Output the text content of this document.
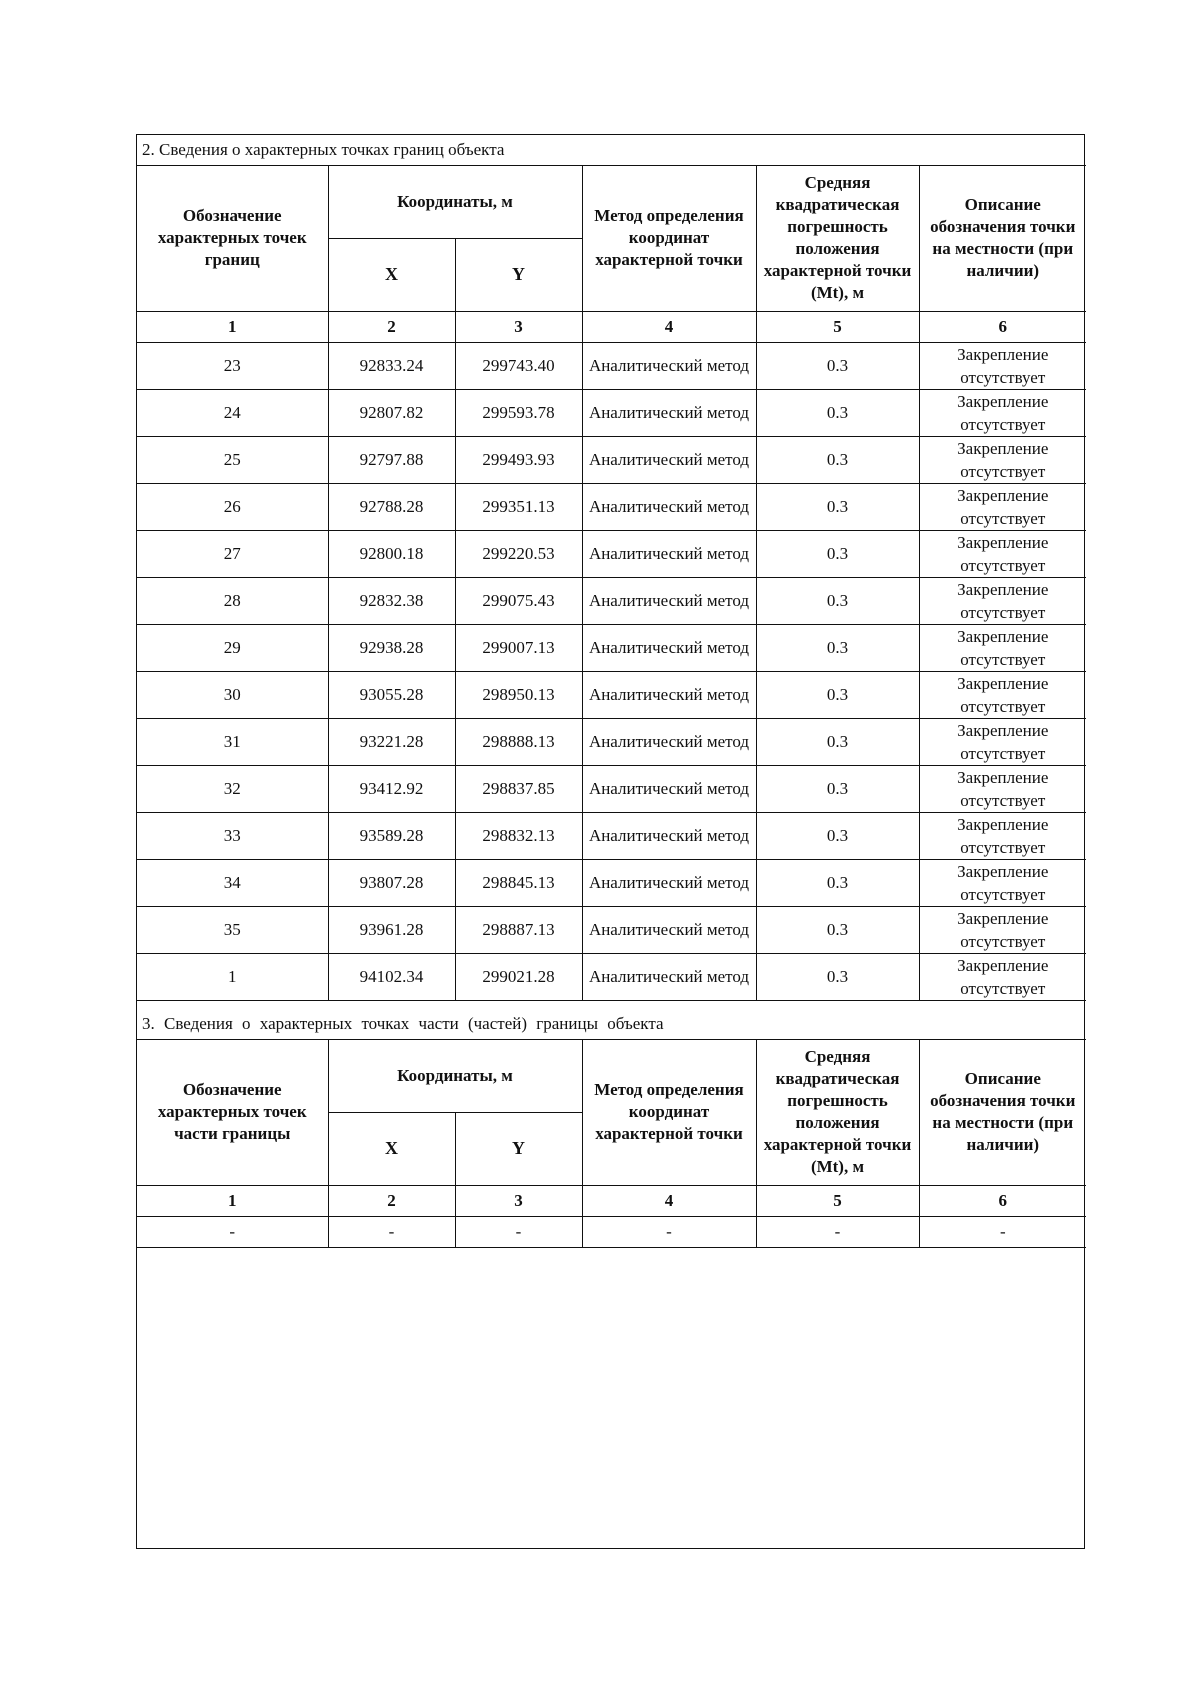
2. Сведения о характерных точках границ объекта					
Обозначение характерных точек границ	Координаты, м		Метод определения координат характерной точки	Средняя квадратическая погрешность положения характерной точки (Mt), м	Описание обозначения точки на местности (при наличии)
	X	Y			
1	2	3	4	5	6
23	92833.24	299743.40	Аналитический метод	0.3	Закрепление отсутствует
24	92807.82	299593.78	Аналитический метод	0.3	Закрепление отсутствует
25	92797.88	299493.93	Аналитический метод	0.3	Закрепление отсутствует
26	92788.28	299351.13	Аналитический метод	0.3	Закрепление отсутствует
27	92800.18	299220.53	Аналитический метод	0.3	Закрепление отсутствует
28	92832.38	299075.43	Аналитический метод	0.3	Закрепление отсутствует
29	92938.28	299007.13	Аналитический метод	0.3	Закрепление отсутствует
30	93055.28	298950.13	Аналитический метод	0.3	Закрепление отсутствует
31	93221.28	298888.13	Аналитический метод	0.3	Закрепление отсутствует
32	93412.92	298837.85	Аналитический метод	0.3	Закрепление отсутствует
33	93589.28	298832.13	Аналитический метод	0.3	Закрепление отсутствует
34	93807.28	298845.13	Аналитический метод	0.3	Закрепление отсутствует
35	93961.28	298887.13	Аналитический метод	0.3	Закрепление отсутствует
1	94102.34	299021.28	Аналитический метод	0.3	Закрепление отсутствует
3. Сведения о характерных точках части (частей) границы объекта					
Обозначение характерных точек части границы	Координаты, м		Метод определения координат характерной точки	Средняя квадратическая погрешность положения характерной точки (Mt), м	Описание обозначения точки на местности (при наличии)
	X	Y			
1	2	3	4	5	6
-	-	-	-	-	-
